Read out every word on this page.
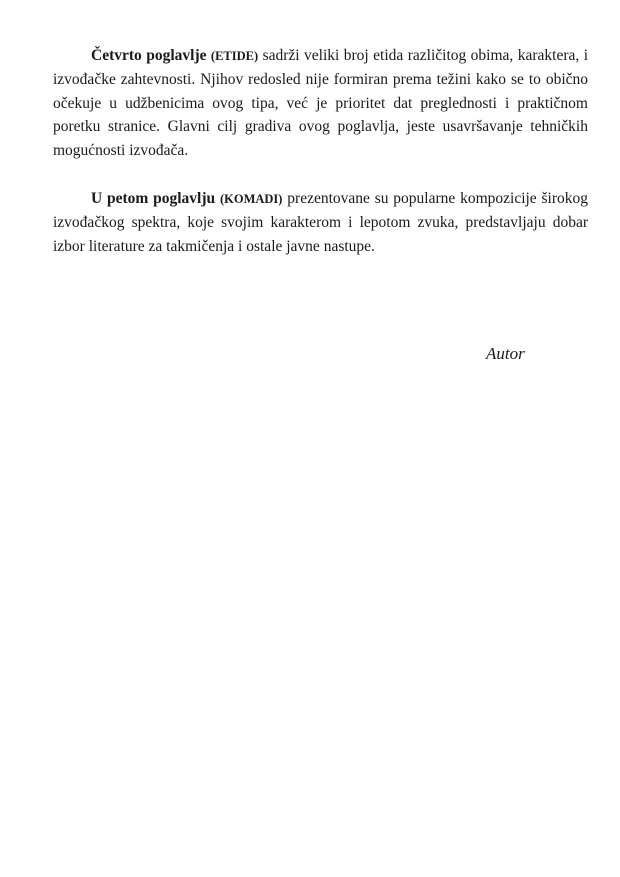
Četvrto poglavlje (ETIDE) sadrži veliki broj etida različitog obima, karaktera, i izvođačke zahtevnosti. Njihov redosled nije formiran prema težini kako se to obično očekuje u udžbenicima ovog tipa, već je prioritet dat preglednosti i praktičnom poretku stranice. Glavni cilj gradiva ovog poglavlja, jeste usavršavanje tehničkih mogućnosti izvođača.

U petom poglavlju (KOMADI) prezentovane su popularne kompozicije širokog izvođačkog spektra, koje svojim karakterom i lepotom zvuka, predstavljaju dobar izbor literature za takmičenja i ostale javne nastupe.

Autor
